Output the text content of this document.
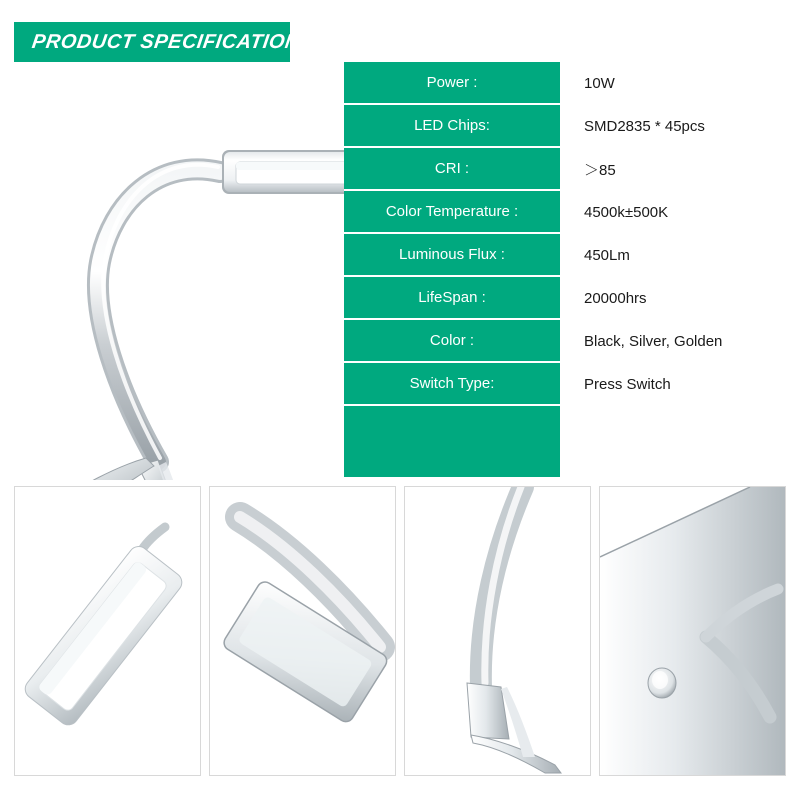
PRODUCT SPECIFICATION
Power :	10W
LED Chips:	SMD2835 * 45pcs
CRI :	＞85
Color Temperature :	4500k±500K
Luminous Flux :	450Lm
LifeSpan :	20000hrs
Color :	Black, Silver, Golden
Switch Type:	Press Switch
